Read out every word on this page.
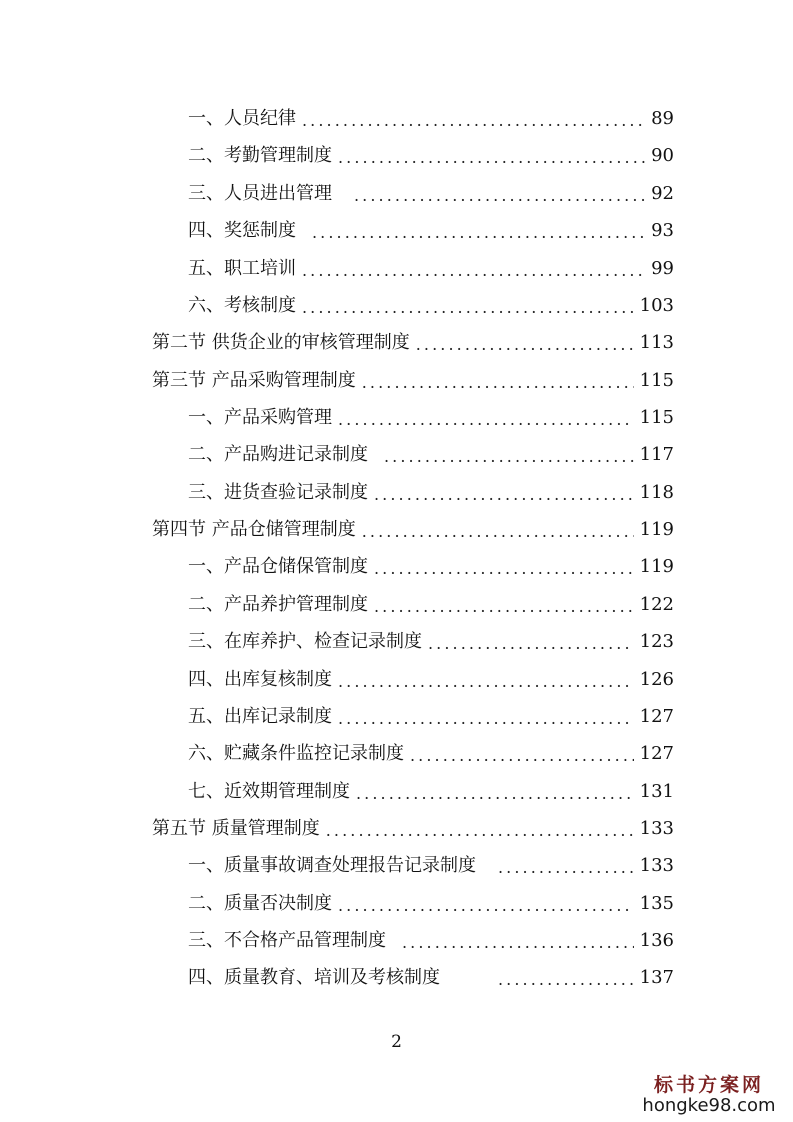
一、人员纪律 .....	89
二、考勤管理制度 .....	90
三、人员进出管理 .....	92
四、奖惩制度 .....	93
五、职工培训 .....	99
六、考核制度 .....	103
第二节 供货企业的审核管理制度 .....	113
第三节 产品采购管理制度 .....	115
一、产品采购管理 .....	115
二、产品购进记录制度 .....	117
三、进货查验记录制度 .....	118
第四节 产品仓储管理制度 .....	119
一、产品仓储保管制度 .....	119
二、产品养护管理制度 .....	122
三、在库养护、检查记录制度 .....	123
四、出库复核制度 .....	126
五、出库记录制度 .....	127
六、贮藏条件监控记录制度 .....	127
七、近效期管理制度 .....	131
第五节 质量管理制度 .....	133
一、质量事故调查处理报告记录制度 .....	133
二、质量否决制度 .....	135
三、不合格产品管理制度 .....	136
四、质量教育、培训及考核制度 .....	137
2
标书方案网
hongke98.com
